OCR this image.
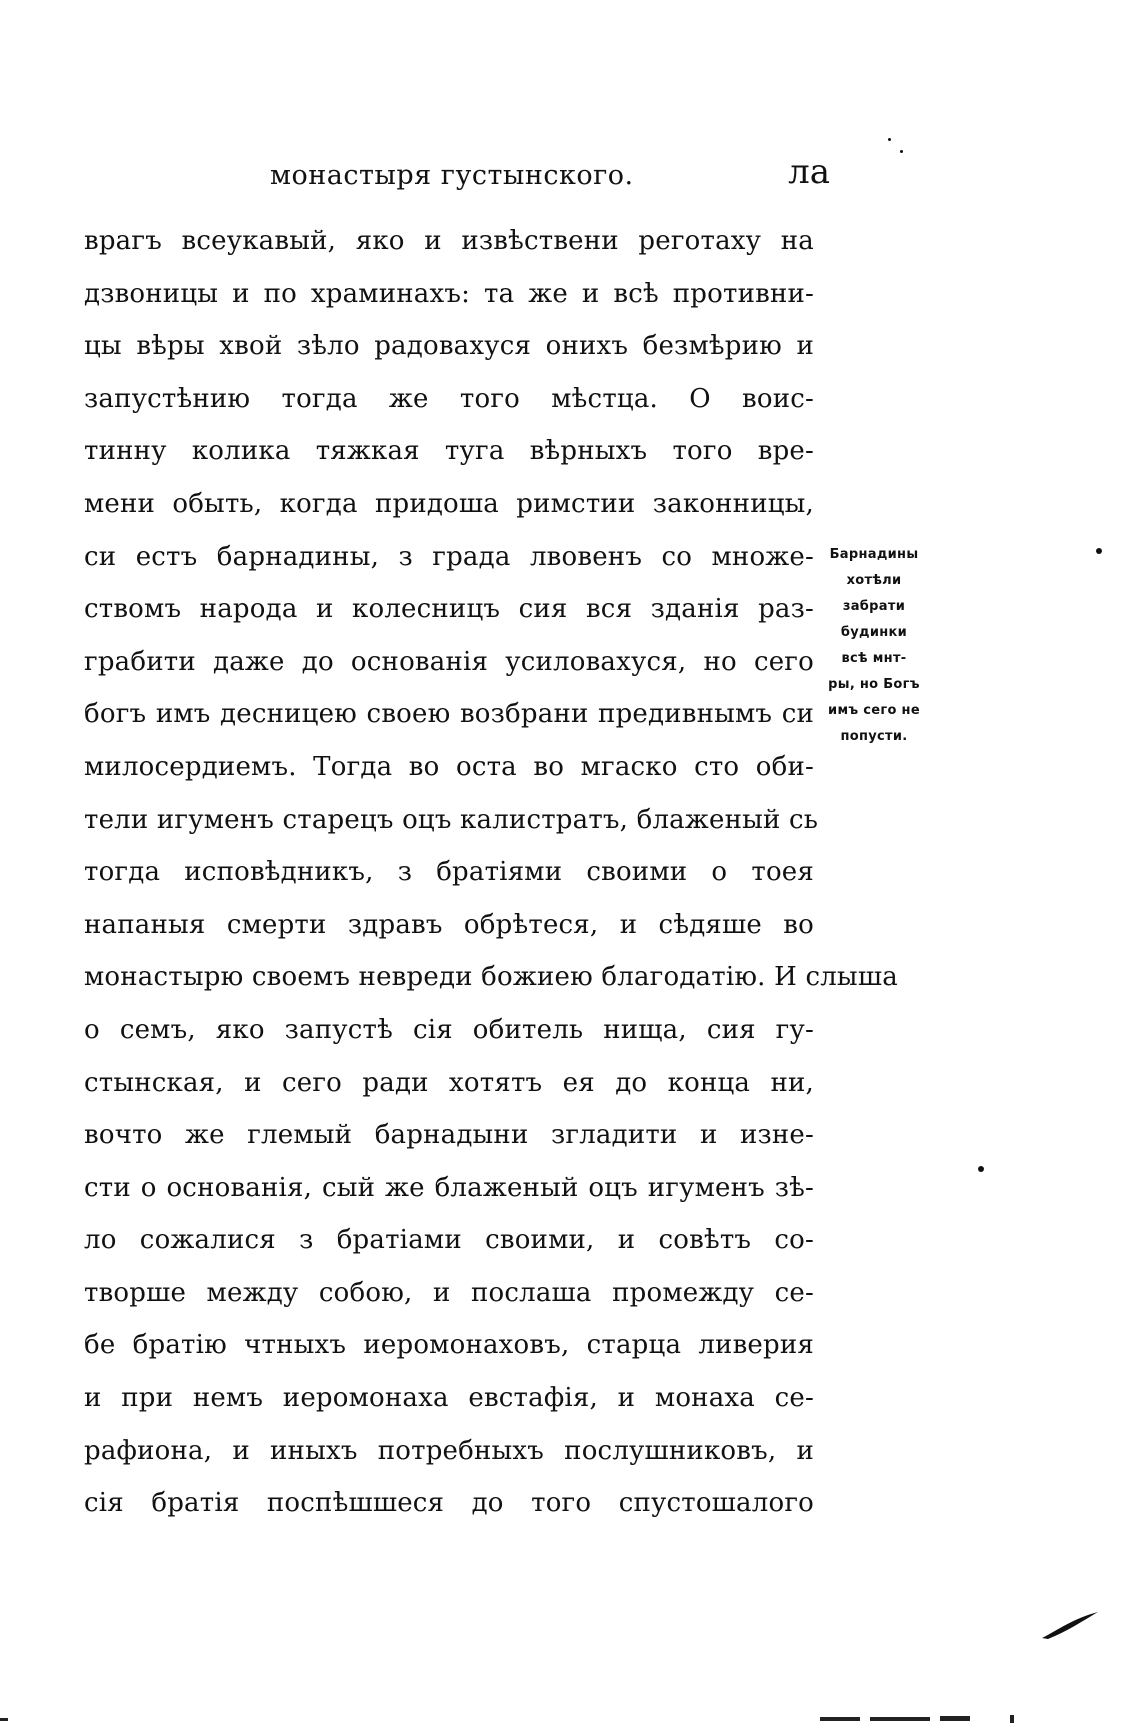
монастыря густынского.	ла
врагъ всеукавый, яко и извѣствени реготаху на
дзвоницы и по храминахъ: та же и всѣ противни-
цы вѣры хвой зѣло радовахуся онихъ безмѣрию и
запустѣнию тогда же того мѣстца. О воис-
тинну колика тяжкая туга вѣрныхъ того вре-
мени обыть, когда придоша римстии законницы,
си естъ барнадины, з града лвовенъ со множе-
ствомъ народа и колесницъ сия вся зданія раз-
грабити даже до основанія усиловахуся, но сего
богъ имъ десницею своею возбрани предивнымъ си
милосердиемъ. Тогда во оста во мгаско сто оби-
тели игуменъ старецъ оцъ калистратъ, блаженый сь
тогда исповѣдникъ, з братіями своими о тоея
напаныя смерти здравъ обрѣтеся, и сѣдяше во
монастырю своемъ невреди божиею благодатію. И слыша
о семъ, яко запустѣ сія обитель нища, сия гу-
стынская, и сего ради хотятъ ея до конца ни,
вочто же глемый барнадыни згладити и изне-
сти о основанія, сый же блаженый оцъ игуменъ зѣ-
ло сожалися з братіами своими, и совѣтъ со-
творше между собою, и послаша промежду се-
бе братію чтныхъ иеромонаховъ, старца ливерия
и при немъ иеромонаха евстафія, и монаха се-
рафиона, и иныхъ потребныхъ послушниковъ, и
сія братія поспѣшшеся до того спустошалого
Барнадины
хотѣли
забрати
будинки
всѣ мнт-
ры, но Богъ
имъ сего не
попусти.
